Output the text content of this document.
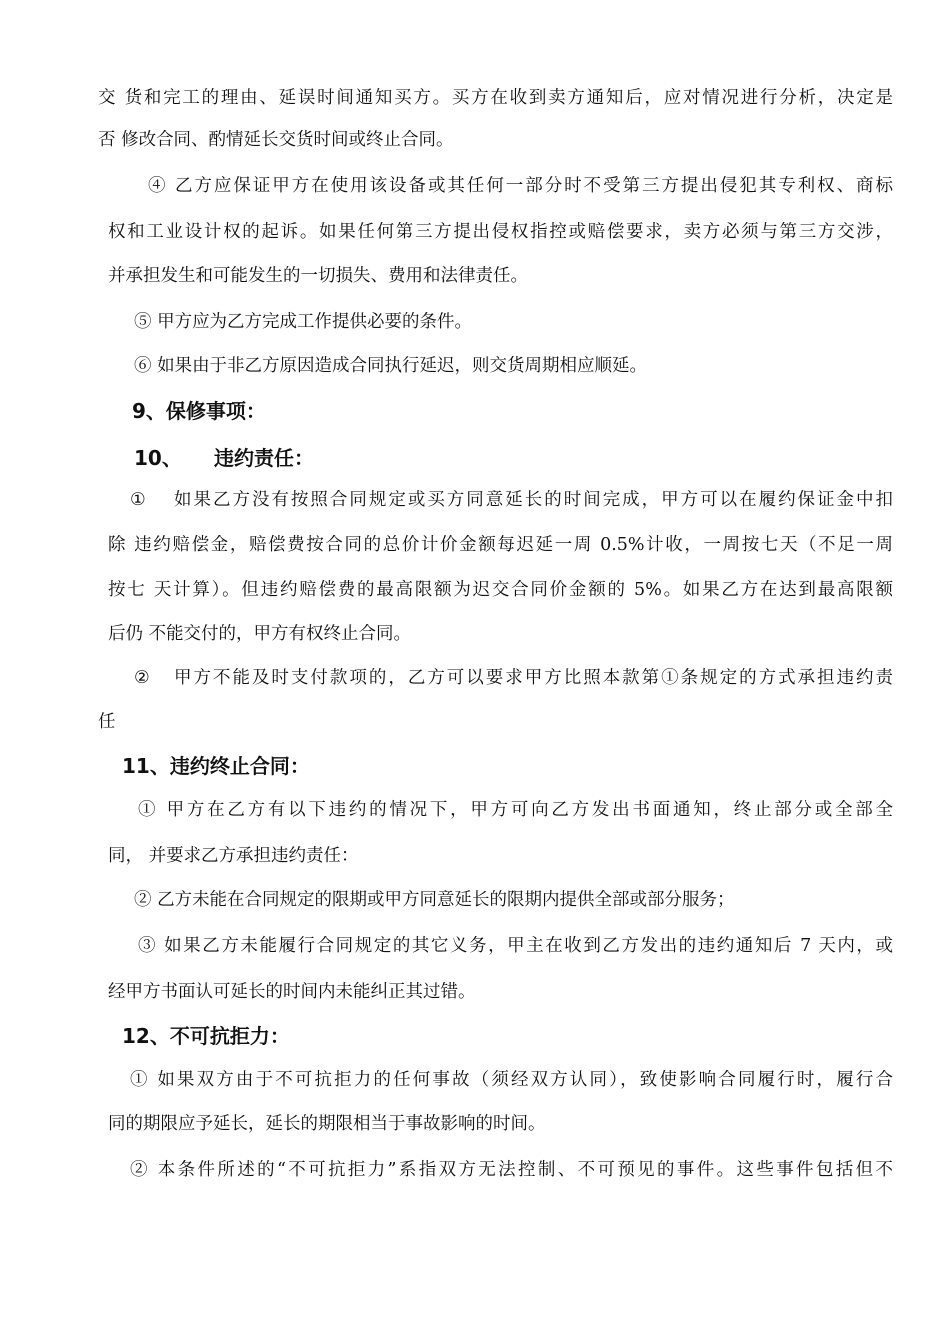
交 货和完工的理由、延误时间通知买方。买方在收到卖方通知后，应对情况进行分析，决定是

否 修改合同、酌情延长交货时间或终止合同。

④ 乙方应保证甲方在使用该设备或其任何一部分时不受第三方提出侵犯其专利权、商标

权和工业设计权的起诉。如果任何第三方提出侵权指控或赔偿要求，卖方必须与第三方交涉，

并承担发生和可能发生的一切损失、费用和法律责任。

⑤ 甲方应为乙方完成工作提供必要的条件。

⑥ 如果由于非乙方原因造成合同执行延迟，则交货周期相应顺延。

9、保修事项：

10、 违约责任：

① 如果乙方没有按照合同规定或买方同意延长的时间完成，甲方可以在履约保证金中扣

除 违约赔偿金，赔偿费按合同的总价计价金额每迟延一周 0.5%计收，一周按七天（不足一周

按七 天计算）。但违约赔偿费的最高限额为迟交合同价金额的 5%。如果乙方在达到最高限额

后仍 不能交付的，甲方有权终止合同。

② 甲方不能及时支付款项的，乙方可以要求甲方比照本款第①条规定的方式承担违约责

任

11、违约终止合同：

① 甲方在乙方有以下违约的情况下，甲方可向乙方发出书面通知，终止部分或全部全

同， 并要求乙方承担违约责任：

② 乙方未能在合同规定的限期或甲方同意延长的限期内提供全部或部分服务；

③ 如果乙方未能履行合同规定的其它义务，甲主在收到乙方发出的违约通知后 7 天内，或

经甲方书面认可延长的时间内未能纠正其过错。

12、不可抗拒力：

① 如果双方由于不可抗拒力的任何事故（须经双方认同），致使影响合同履行时，履行合

同的期限应予延长，延长的期限相当于事故影响的时间。

② 本条件所述的“不可抗拒力”系指双方无法控制、不可预见的事件。这些事件包括但不
